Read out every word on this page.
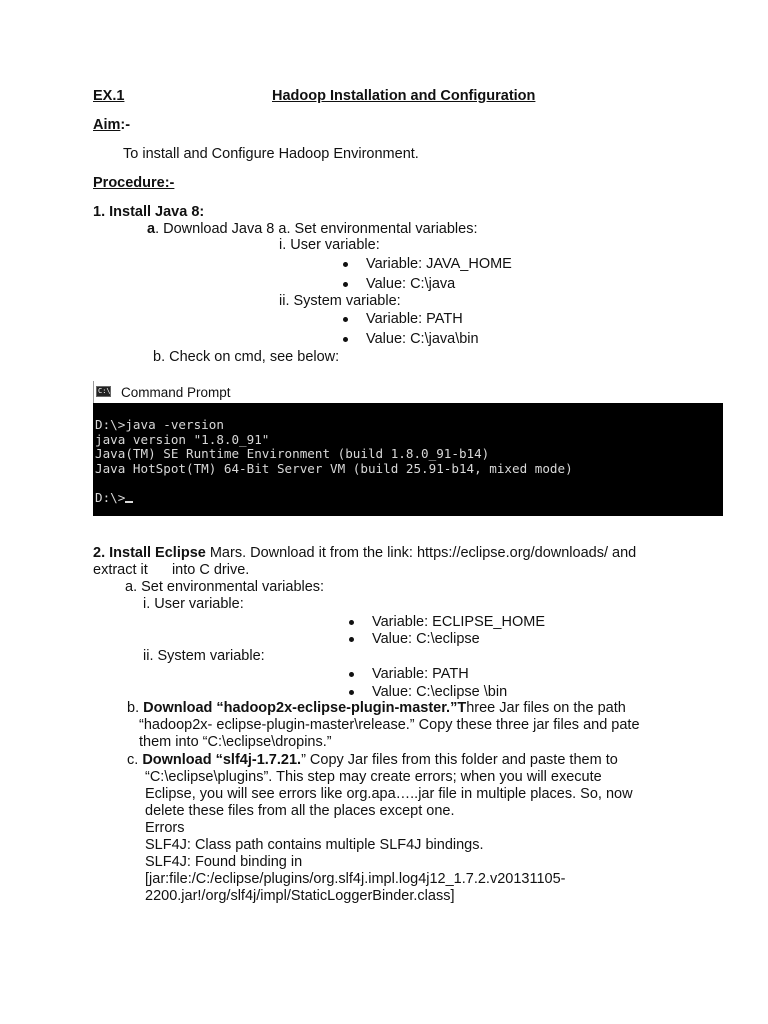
EX.1	Hadoop Installation and Configuration
Aim:-
To install and Configure Hadoop Environment.
Procedure:-
1. Install Java 8:
a. Download Java 8 a. Set environmental variables:
i. User variable:
Variable: JAVA_HOME
Value: C:\java
ii. System variable:
Variable: PATH
Value: C:\java\bin
b. Check on cmd, see below:
C:\ Command Prompt
D:\>java -version
java version "1.8.0_91"
Java(TM) SE Runtime Environment (build 1.8.0_91-b14)
Java HotSpot(TM) 64-Bit Server VM (build 25.91-b14, mixed mode)
D:\>
2. Install Eclipse Mars. Download it from the link: https://eclipse.org/downloads/ and
extract it      into C drive.
a. Set environmental variables:
i. User variable:
Variable: ECLIPSE_HOME
Value: C:\eclipse
ii. System variable:
Variable: PATH
Value: C:\eclipse \bin
b. Download “hadoop2x-eclipse-plugin-master.”Three Jar files on the path
“hadoop2x- eclipse-plugin-master\release.” Copy these three jar files and pate
them into “C:\eclipse\dropins.”
c. Download “slf4j-1.7.21.” Copy Jar files from this folder and paste them to
“C:\eclipse\plugins”. This step may create errors; when you will execute
Eclipse, you will see errors like org.apa…..jar file in multiple places. So, now
delete these files from all the places except one.
Errors
SLF4J: Class path contains multiple SLF4J bindings.
SLF4J: Found binding in
[jar:file:/C:/eclipse/plugins/org.slf4j.impl.log4j12_1.7.2.v20131105-
2200.jar!/org/slf4j/impl/StaticLoggerBinder.class]
